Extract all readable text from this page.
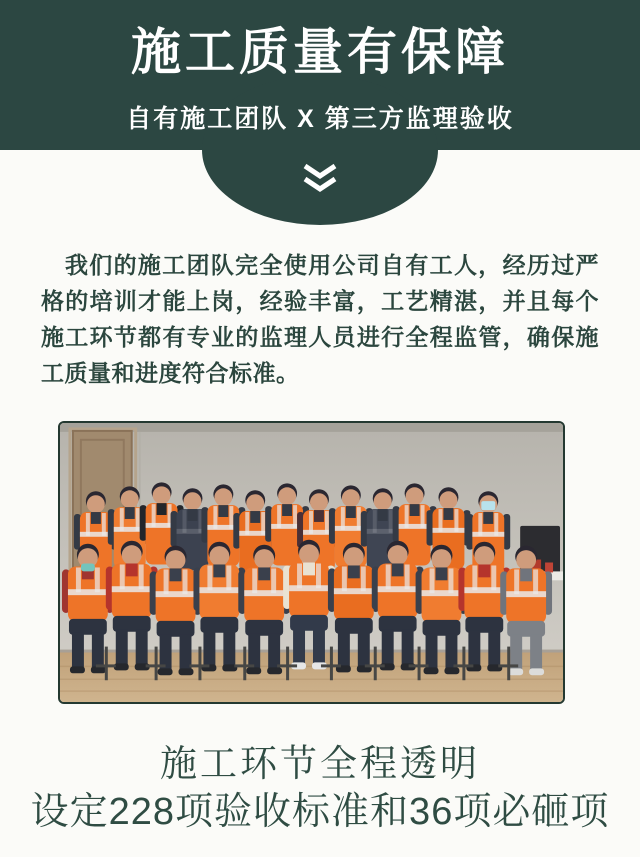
施工质量有保障
自有施工团队 X 第三方监理验收
我们的施工团队完全使用公司自有工人，经历过严格的培训才能上岗，经验丰富，工艺精湛，并且每个施工环节都有专业的监理人员进行全程监管，确保施工质量和进度符合标准。
施工环节全程透明
设定228项验收标准和36项必砸项
